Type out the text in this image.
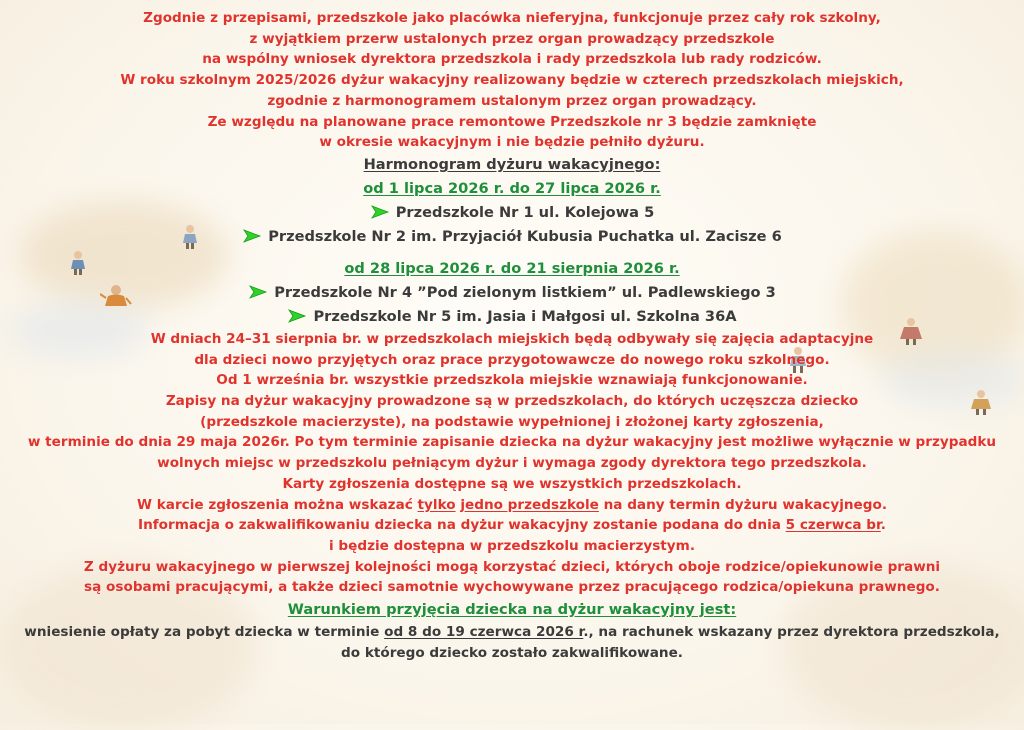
Zgodnie z przepisami, przedszkole jako placówka nieferyjna, funkcjonuje przez cały rok szkolny,
z wyjątkiem przerw ustalonych przez organ prowadzący przedszkole
na wspólny wniosek dyrektora przedszkola i rady przedszkola lub rady rodziców.
W roku szkolnym 2025/2026 dyżur wakacyjny realizowany będzie w czterech przedszkolach miejskich,
zgodnie z harmonogramem ustalonym przez organ prowadzący.
Ze względu na planowane prace remontowe Przedszkole nr 3 będzie zamknięte
w okresie wakacyjnym i nie będzie pełniło dyżuru.
Harmonogram dyżuru wakacyjnego:
od 1 lipca 2026 r. do 27 lipca 2026 r.
Przedszkole Nr 1 ul. Kolejowa 5
Przedszkole Nr 2 im. Przyjaciół Kubusia Puchatka ul. Zacisze 6
od 28 lipca 2026 r. do 21 sierpnia 2026 r.
Przedszkole Nr 4 ”Pod zielonym listkiem” ul. Padlewskiego 3
Przedszkole Nr 5 im. Jasia i Małgosi ul. Szkolna 36A
W dniach 24–31 sierpnia br. w przedszkolach miejskich będą odbywały się zajęcia adaptacyjne
dla dzieci nowo przyjętych oraz prace przygotowawcze do nowego roku szkolnego.
Od 1 września br. wszystkie przedszkola miejskie wznawiają funkcjonowanie.
Zapisy na dyżur wakacyjny prowadzone są w przedszkolach, do których uczęszcza dziecko
(przedszkole macierzyste), na podstawie wypełnionej i złożonej karty zgłoszenia,
w terminie do dnia 29 maja 2026r. Po tym terminie zapisanie dziecka na dyżur wakacyjny jest możliwe wyłącznie w przypadku
wolnych miejsc w przedszkolu pełniącym dyżur i wymaga zgody dyrektora tego przedszkola.
Karty zgłoszenia dostępne są we wszystkich przedszkolach.
W karcie zgłoszenia można wskazać tylko jedno przedszkole na dany termin dyżuru wakacyjnego.
Informacja o zakwalifikowaniu dziecka na dyżur wakacyjny zostanie podana do dnia 5 czerwca br.
i będzie dostępna w przedszkolu macierzystym.
Z dyżuru wakacyjnego w pierwszej kolejności mogą korzystać dzieci, których oboje rodzice/opiekunowie prawni
są osobami pracującymi, a także dzieci samotnie wychowywane przez pracującego rodzica/opiekuna prawnego.
Warunkiem przyjęcia dziecka na dyżur wakacyjny jest:
wniesienie opłaty za pobyt dziecka w terminie od 8 do 19 czerwca 2026 r., na rachunek wskazany przez dyrektora przedszkola,
do którego dziecko zostało zakwalifikowane.
